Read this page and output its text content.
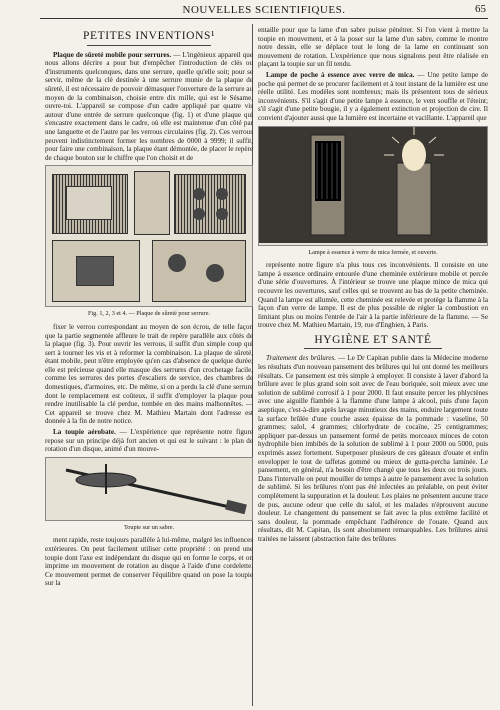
NOUVELLES SCIENTIFIQUES.	65
PETITES INVENTIONS¹

Plaque de sûreté mobile pour serrures. — L'ingénieux appareil que nous allons décrire a pour but d'empêcher l'introduction de clés ou d'instruments quelconques, dans une serrure, quelle qu'elle soit; pour se servir, même de la clé destinée à une serrure munie de la plaque de sûreté, il est nécessaire de pouvoir démasquer l'ouverture de la serrure au moyen de la combinaison, choisie entre dix mille, qui est le Sésame, ouvre-toi. L'appareil se compose d'un cadre appliqué par quatre vis autour d'une entrée de serrure quelconque (fig. 1) et d'une plaque qui s'encastre exactement dans le cadre, où elle est maintenue d'un côté par une languette et de l'autre par les verrous circulaires (fig. 2). Ces verrous peuvent indistinctement former les nombres de 0000 à 9999; il suffit, pour faire une combinaison, la plaque étant démontée, de placer le repère de chaque bouton sur le chiffre que l'on choisit et de

Fig. 1, 2, 3 et 4. — Plaque de sûreté pour serrure.

fixer le verrou correspondant au moyen de son écrou, de telle façon que la partie segmentée affleure le trait de repère parallèle aux côtés de la plaque (fig. 3). Pour ouvrir les verrous, il suffit d'un simple coup qui sert à tourner les vis et à reformer la combinaison. La plaque de sûreté, étant mobile, peut n'être employée qu'en cas d'absence de quelque durée; elle est précieuse quand elle masque des serrures d'un crochetage facile, comme les serrures des portes d'escaliers de service, des chambres de domestiques, d'armoires, etc. De même, si on a perdu la clé d'une serrure dont le remplacement est coûteux, il suffit d'employer la plaque pour rendre inutilisable la clé perdue, tombée en des mains malhonnêtes. — Cet appareil se trouve chez M. Mathieu Martain dont l'adresse est donnée à la fin de notre notice.

La toupie aérobate. — L'expérience que représente notre figure repose sur un principe déjà fort ancien et qui est le suivant : le plan de rotation d'un disque, animé d'un mouve-

Toupie sur un sabre.

ment rapide, reste toujours parallèle à lui-même, malgré les influences extérieures. On peut facilement utiliser cette propriété : on prend une toupie dont l'axe est indépendant du disque qui en forme le corps, et on imprime un mouvement de rotation au disque à l'aide d'une cordelette. Ce mouvement permet de conserver l'équilibre quand on pose la toupie sur la

entaille pour que la lame d'un sabre puisse pénétrer. Si l'on vient à mettre la toupie en mouvement, et à la poser sur la lame d'un sabre, comme le montre notre dessin, elle se déplace tout le long de la lame en continuant son mouvement de rotation. L'expérience que nous signalons peut être réalisée en plaçant la toupie sur un fil tendu.

Lampe de poche à essence avec verre de mica. — Une petite lampe de poche qui permet de se procurer facilement et à tout instant de la lumière est une réelle utilité. Les modèles sont nombreux; mais ils présentent tous de sérieux inconvénients. S'il s'agit d'une petite lampe à essence, le vent souffle et l'éteint; s'il s'agit d'une petite bougie, il y a également extinction et projection de cire. Il convient d'ajouter aussi que la lumière est incertaine et vacillante. L'appareil que

Lampe à essence à verre de mica fermée, et ouverte.

représente notre figure n'a plus tous ces inconvénients. Il consiste en une lampe à essence ordinaire entourée d'une cheminée extérieure mobile et percée d'une série d'ouvertures. À l'intérieur se trouve une plaque mince de mica qui recouvre les ouvertures, sauf celles qui se trouvent au bas de la petite cheminée. Quand la lampe est allumée, cette cheminée est relevée et protège la flamme à la façon d'un verre de lampe. Il est de plus possible de régler la combustion en limitant plus ou moins l'entrée de l'air à la partie inférieure de la flamme. — Se trouve chez M. Mathieu Martain, 19, rue d'Enghien, à Paris.

HYGIÈNE ET SANTÉ

Traitement des brûlures. — Le Dr Capitan publie dans la Médecine moderne les résultats d'un nouveau pansement des brûlures qui lui ont donné les meilleurs résultats. Ce pansement est très simple à employer. Il consiste à laver d'abord la brûlure avec le plus grand soin soit avec de l'eau boriquée, soit mieux avec une solution de sublimé corrosif à 1 pour 2000. Il faut ensuite percer les phlyctènes avec une aiguille flambée à la flamme d'une lampe à alcool, puis d'une façon aseptique, c'est-à-dire après lavage minutieux des mains, enduire largement toute la surface brûlée d'une couche assez épaisse de la pommade : vaseline, 50 grammes; salol, 4 grammes; chlorhydrate de cocaïne, 25 centigrammes; appliquer par-dessus un pansement formé de petits morceaux minces de coton hydrophile bien imbibés de la solution de sublimé à 1 pour 2000 ou 5000, puis exprimés assez fortement. Superposer plusieurs de ces gâteaux d'ouate et enfin envelopper le tout de taffetas gommé ou mieux de gutta-percha laminée. Le pansement, en général, n'a besoin d'être changé que tous les deux ou trois jours. Dans l'intervalle on peut mouiller de temps à autre le pansement avec la solution de sublimé. Si les brûlures n'ont pas été infectées au préalable, on peut éviter complètement la suppuration et la douleur. Les plaies ne présentent aucune trace de pus, aucune odeur que celle du salol, et les malades n'éprouvent aucune douleur. Le changement du pansement se fait avec la plus extrême facilité et sans douleur, la pommade empêchant l'adhérence de l'ouate. Quand aux résultats, dit M. Capitan, ils sont absolument remarquables. Les brûlures ainsi traitées ne laissent (abstraction faite des brûlures
